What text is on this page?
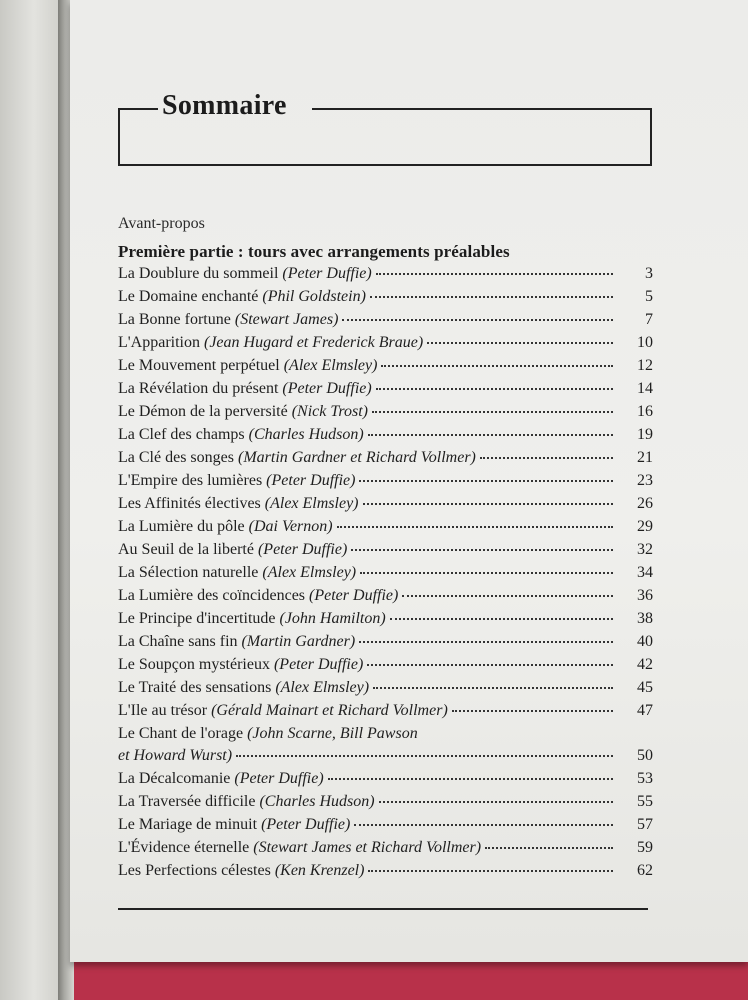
Sommaire
Avant-propos
Première partie : tours avec arrangements préalables
La Doublure du sommeil (Peter Duffie)	3
Le Domaine enchanté (Phil Goldstein)	5
La Bonne fortune (Stewart James)	7
L'Apparition (Jean Hugard et Frederick Braue)	10
Le Mouvement perpétuel (Alex Elmsley)	12
La Révélation du présent (Peter Duffie)	14
Le Démon de la perversité (Nick Trost)	16
La Clef des champs (Charles Hudson)	19
La Clé des songes (Martin Gardner et Richard Vollmer)	21
L'Empire des lumières (Peter Duffie)	23
Les Affinités électives (Alex Elmsley)	26
La Lumière du pôle (Dai Vernon)	29
Au Seuil de la liberté (Peter Duffie)	32
La Sélection naturelle (Alex Elmsley)	34
La Lumière des coïncidences (Peter Duffie)	36
Le Principe d'incertitude (John Hamilton)	38
La Chaîne sans fin (Martin Gardner)	40
Le Soupçon mystérieux (Peter Duffie)	42
Le Traité des sensations (Alex Elmsley)	45
L'Ile au trésor (Gérald Mainart et Richard Vollmer)	47
Le Chant de l'orage (John Scarne, Bill Pawson
et Howard Wurst)	50
La Décalcomanie (Peter Duffie)	53
La Traversée difficile (Charles Hudson)	55
Le Mariage de minuit (Peter Duffie)	57
L'Évidence éternelle (Stewart James et Richard Vollmer)	59
Les Perfections célestes (Ken Krenzel)	62
